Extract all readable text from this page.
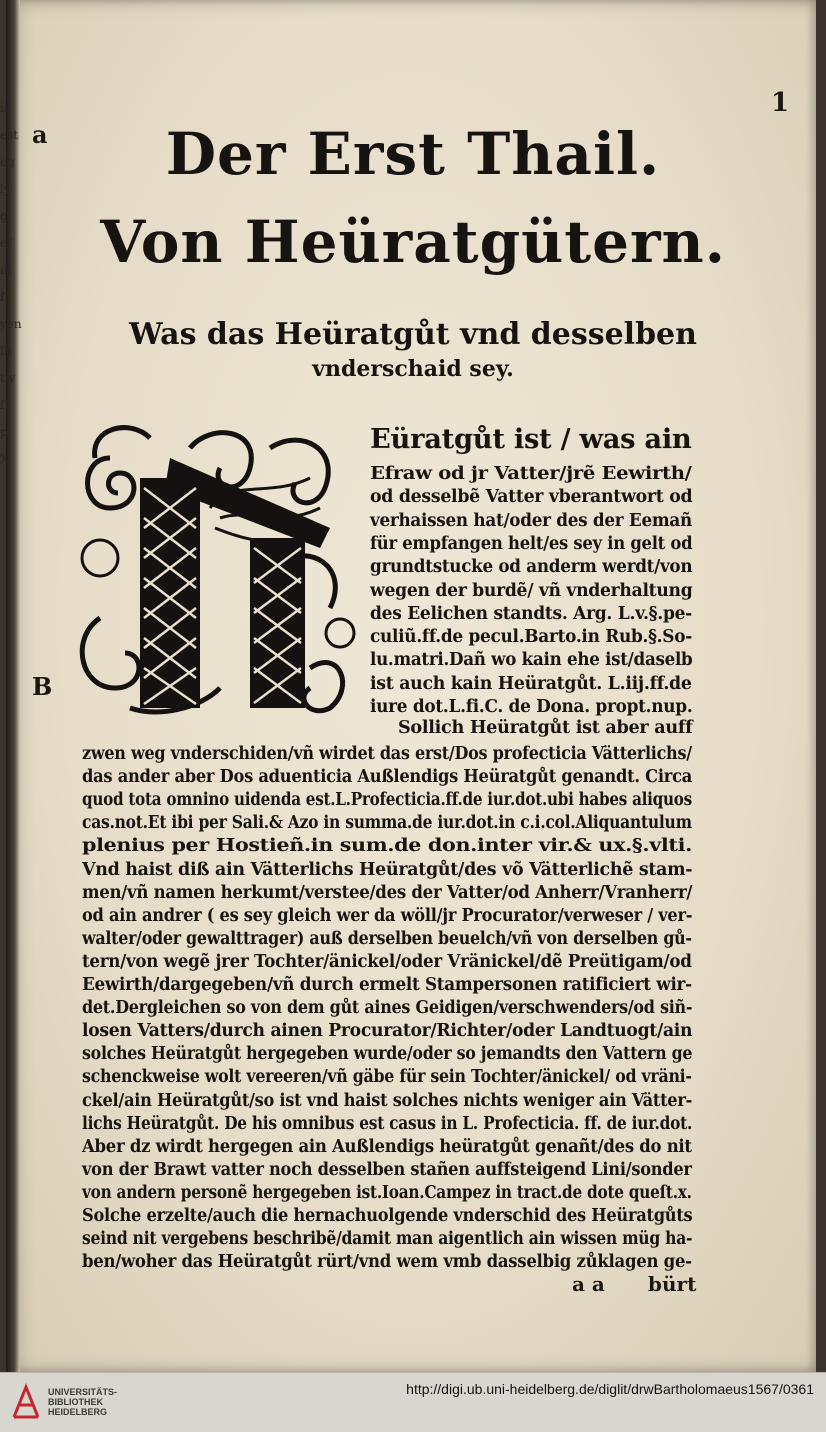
ir
est
eg
ly
g
ef
ill
ft
yen
lli
tw
ft
p
X
1
a
B
Der Erst Thail.
Von Heüratgütern.
Was das Heüratgůt vnd desselben
vnderschaid sey.
Eüratgůt ist / was ain
Efraw od jr Vatter/jrẽ Eewirth/
od desselbẽ Vatter vberantwort od
verhaissen hat/oder des der Eemañ
für empfangen helt/es sey in gelt od
grundtstucke od anderm werdt/von
wegen der burdẽ/ vñ vnderhaltung
des Eelichen standts. Arg. L.v.§.pe-
culiũ.ff.de pecul.Barto.in Rub.§.So-
lu.matri.Dañ wo kain ehe ist/daselb
ist auch kain Heüratgůt. L.iij.ff.de
iure dot.L.fi.C. de Dona. propt.nup.
Sollich Heüratgůt ist aber auff
zwen weg vnderschiden/vñ wirdet das erst/Dos profecticia Vätterlichs/
das ander aber Dos aduenticia Außlendigs Heüratgůt genandt. Circa
quod tota omnino uidenda est.L.Profecticia.ff.de iur.dot.ubi habes aliquos
cas.not.Et ibi per Sali.& Azo in summa.de iur.dot.in c.i.col.Aliquantulum
plenius per Hostieñ.in sum.de don.inter vir.& ux.§.vlti.
Vnd haist diß ain Vätterlichs Heüratgůt/des võ Vätterlichẽ stam-
men/vñ namen herkumt/verstee/des der Vatter/od Anherr/Vranherr/
od ain andrer ( es sey gleich wer da wöll/jr Procurator/verweser / ver-
walter/oder gewalttrager) auß derselben beuelch/vñ von derselben gů-
tern/von wegẽ jrer Tochter/änickel/oder Vränickel/dẽ Preütigam/od
Eewirth/dargegeben/vñ durch ermelt Stampersonen ratificiert wir-
det.Dergleichen so von dem gůt aines Geidigen/verschwenders/od siñ-
losen Vatters/durch ainen Procurator/Richter/oder Landtuogt/ain
solches Heüratgůt hergegeben wurde/oder so jemandts den Vattern ge
schenckweise wolt vereeren/vñ gäbe für sein Tochter/änickel/ od vräni-
ckel/ain Heüratgůt/so ist vnd haist solches nichts weniger ain Vätter-
lichs Heüratgůt. De his omnibus est casus in L. Profecticia. ff. de iur.dot.
Aber dz wirdt hergegen ain Außlendigs heüratgůt genañt/des do nit
von der Brawt vatter noch desselben stañen auffsteigend Lini/sonder
von andern personẽ hergegeben ist.Ioan.Campez in tract.de dote queſt.x.
Solche erzelte/auch die hernachuolgende vnderschid des Heüratgůts
seind nit vergebens beschribẽ/damit man aigentlich ain wissen müg ha-
ben/woher das Heüratgůt rürt/vnd wem vmb dasselbig zůklagen ge-
a a bürt
UNIVERSITÄTS-
BIBLIOTHEK
HEIDELBERG
http://digi.ub.uni-heidelberg.de/diglit/drwBartholomaeus1567/0361
